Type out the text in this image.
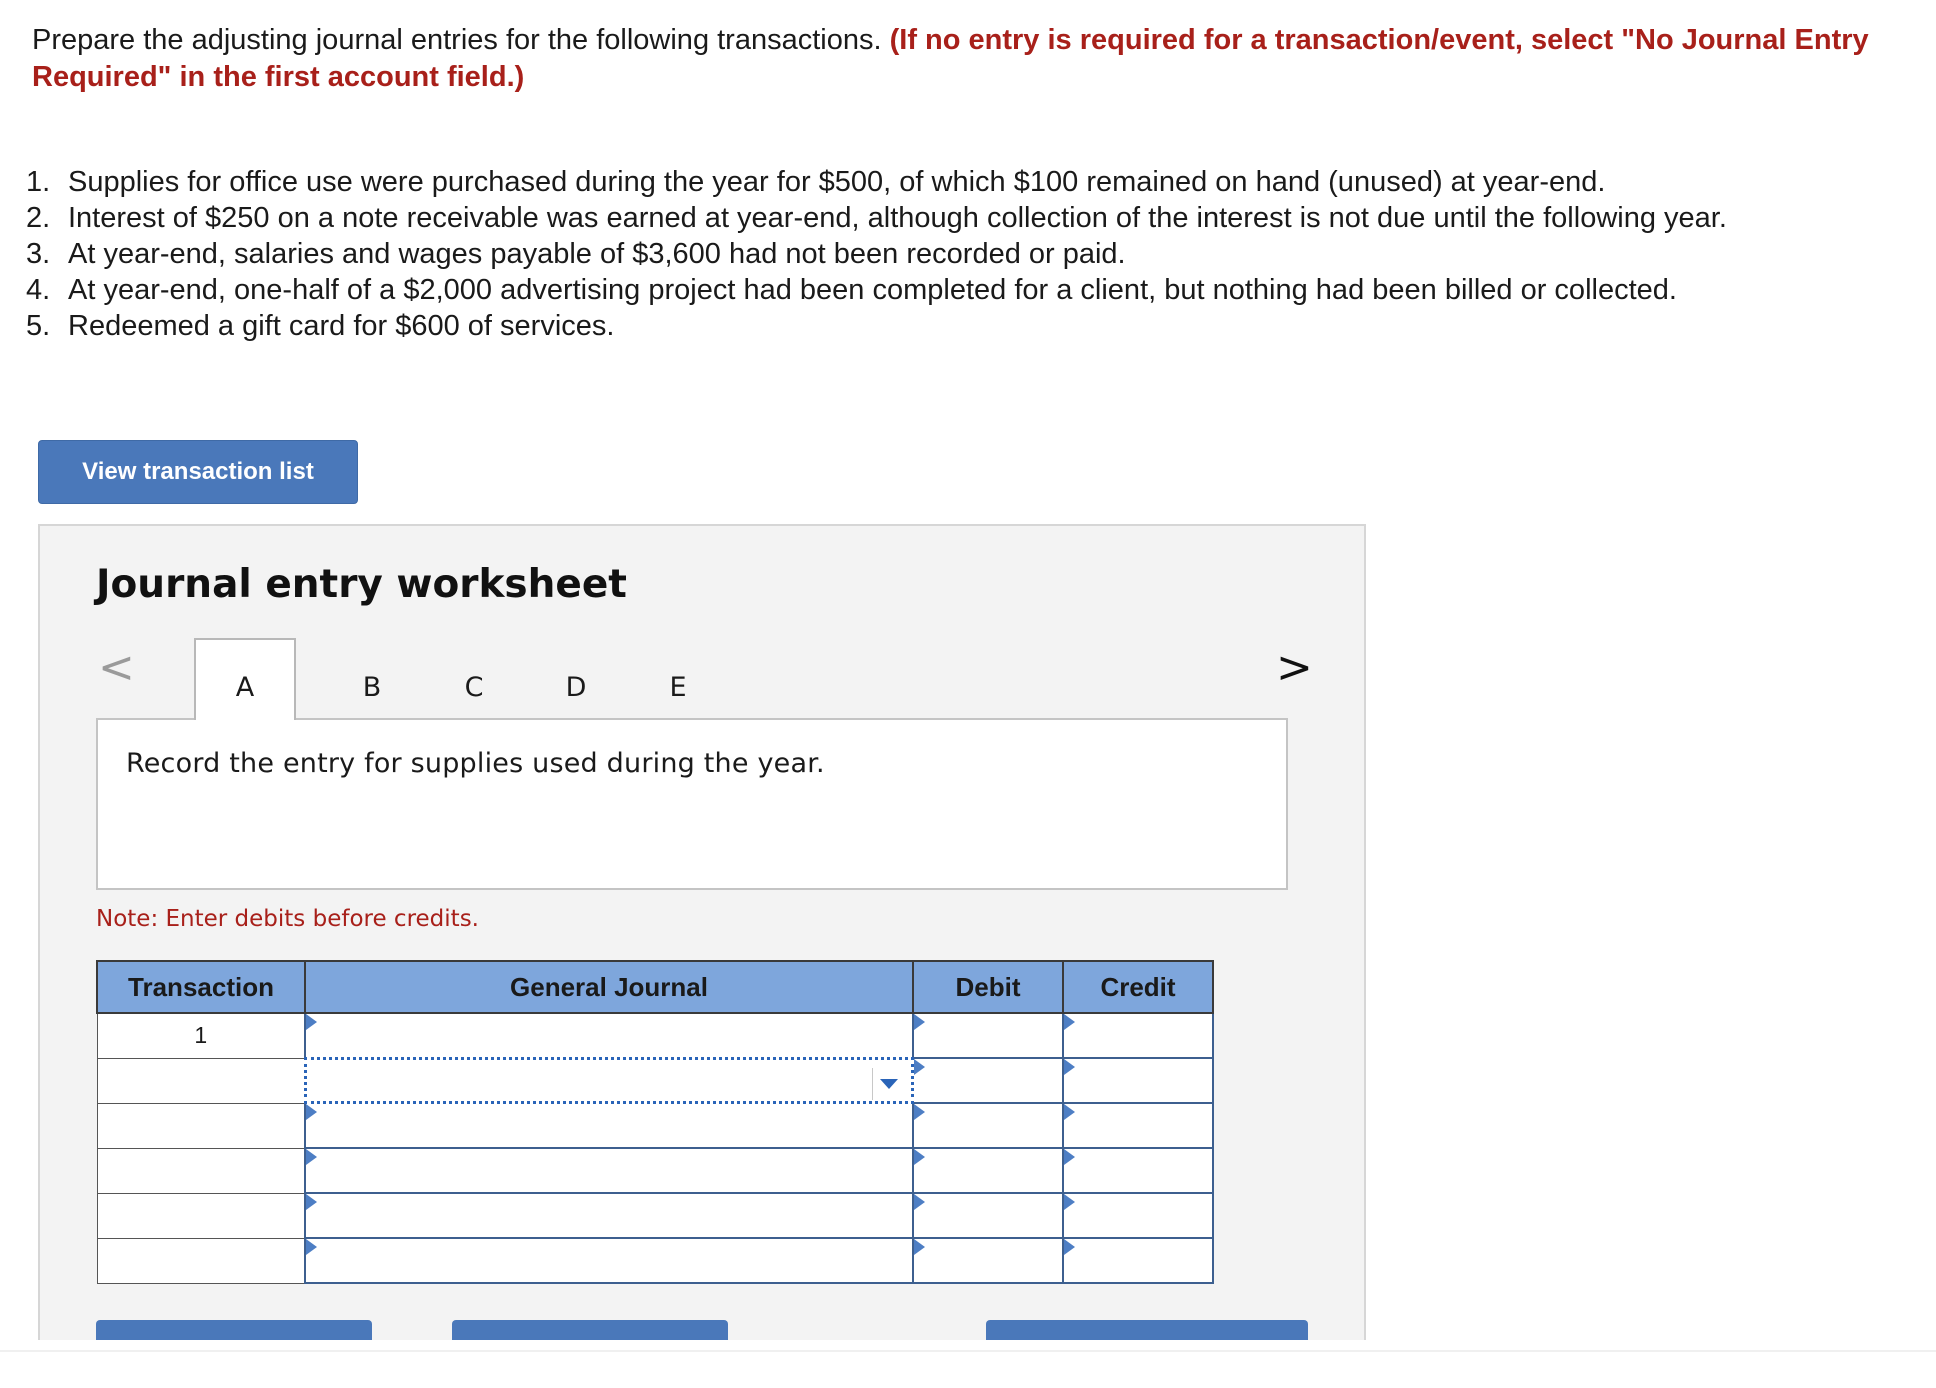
Prepare the adjusting journal entries for the following transactions. (If no entry is required for a transaction/event, select "No Journal Entry Required" in the first account field.)
1. Supplies for office use were purchased during the year for $500, of which $100 remained on hand (unused) at year-end.
2. Interest of $250 on a note receivable was earned at year-end, although collection of the interest is not due until the following year.
3. At year-end, salaries and wages payable of $3,600 had not been recorded or paid.
4. At year-end, one-half of a $2,000 advertising project had been completed for a client, but nothing had been billed or collected.
5. Redeemed a gift card for $600 of services.
View transaction list
Journal entry worksheet
<	>
A	B	C	D	E
Record the entry for supplies used during the year.
Note: Enter debits before credits.
Transaction	General Journal	Debit	Credit
1	
